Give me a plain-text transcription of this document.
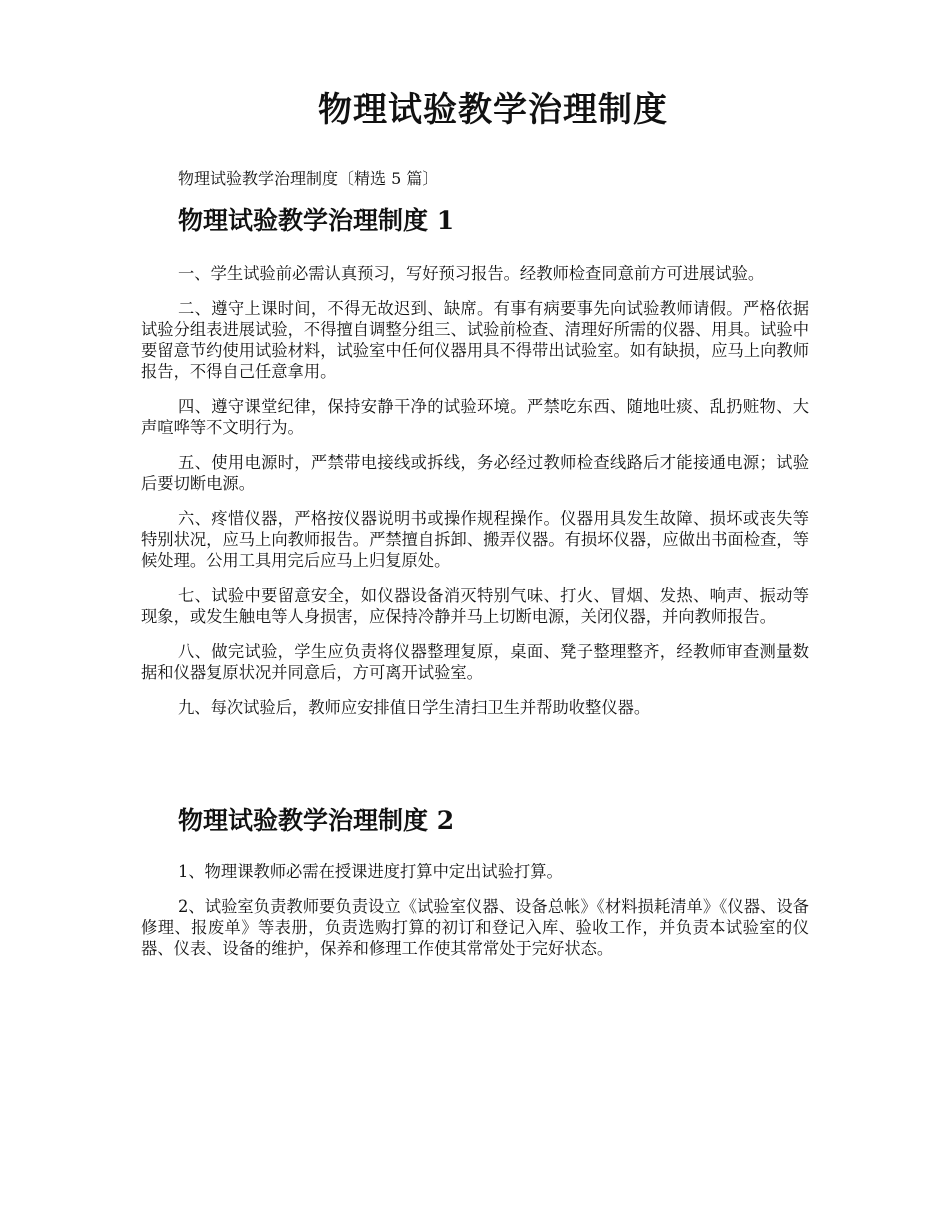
物理试验教学治理制度

物理试验教学治理制度〔精选 5 篇〕

物理试验教学治理制度 1

一、学生试验前必需认真预习，写好预习报告。经教师检查同意前方可进展试验。

二、遵守上课时间，不得无故迟到、缺席。有事有病要事先向试验教师请假。严格依据试验分组表进展试验，不得擅自调整分组三、试验前检查、清理好所需的仪器、用具。试验中要留意节约使用试验材料，试验室中任何仪器用具不得带出试验室。如有缺损，应马上向教师报告，不得自己任意拿用。

四、遵守课堂纪律，保持安静干净的试验环境。严禁吃东西、随地吐痰、乱扔赃物、大声喧哗等不文明行为。

五、使用电源时，严禁带电接线或拆线，务必经过教师检查线路后才能接通电源；试验后要切断电源。

六、疼惜仪器，严格按仪器说明书或操作规程操作。仪器用具发生故障、损坏或丧失等特别状况，应马上向教师报告。严禁擅自拆卸、搬弄仪器。有损坏仪器，应做出书面检查，等候处理。公用工具用完后应马上归复原处。

七、试验中要留意安全，如仪器设备消灭特别气味、打火、冒烟、发热、响声、振动等现象，或发生触电等人身损害，应保持冷静并马上切断电源，关闭仪器，并向教师报告。

八、做完试验，学生应负责将仪器整理复原，桌面、凳子整理整齐，经教师审查测量数据和仪器复原状况并同意后，方可离开试验室。

九、每次试验后，教师应安排值日学生清扫卫生并帮助收整仪器。

物理试验教学治理制度 2

1、物理课教师必需在授课进度打算中定出试验打算。

2、试验室负责教师要负责设立《试验室仪器、设备总帐》《材料损耗清单》《仪器、设备修理、报废单》等表册，负责选购打算的初订和登记入库、验收工作，并负责本试验室的仪器、仪表、设备的维护，保养和修理工作使其常常处于完好状态。
